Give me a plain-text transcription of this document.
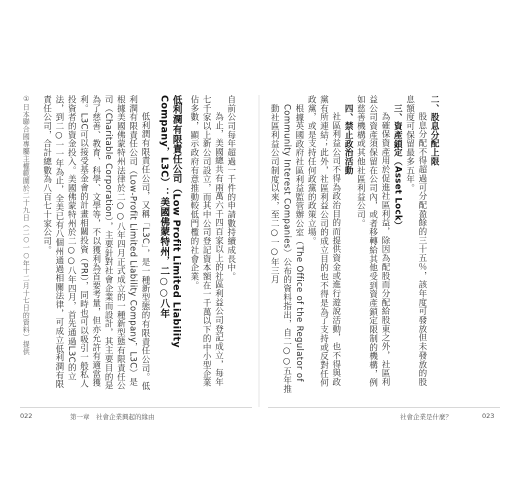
自前公司每年超過一千件的申請數持續成長中。

為止，美國總共有兩萬六千四百家以上的社區利益公司登記成立，每年七千家以上新公司設立，而其中公司登記資本額在一千萬以下的中小型企業佔多數，顯示政府有意推動較低門檻的社會企業。

低利潤有限責任公司（Low Profit Limited Liability Company，L3C）：美國佛蒙特州，二○○八年

低利潤有限責任公司，又稱「L3C」，是一種新型態的有限責任公司。低利潤有限責任公司（Low-Profit Limited Liability Company，L3C）是根據美國佛蒙特州法律於二○○八年四月正式成立的一種新型態有限責任公司（Charitable Corporation），主要針對社會企業而設計，其主要目的是為了慈善、教育、科學、文學等，不以獲利為首要考量，但亦允許有適當獲利。L3C可以接受基金會的計畫相關投資（PRI），同時也可以吸引一般私人投資者的資金投入。美國佛蒙特州於二○○八年四月，首先通過L3C的立法，到二○一一年為止，全美已有八個州通過相關法律，可成立低利潤有限責任公司，合計總數為八百七十家公司。

①日本聯合國專屬主權範圍於二十九日（二○一○年十二月十七日的資料）提供	二、股息分配上限

股息分配不得超過可分配盈餘的三十五％，該年度可發放但未發放的股息額度可保留最多五年。

三、資產鎖定（Asset Lock）

為確保資產用於促進社區利益，除因為配股而分配給股東之外，社區利益公司資產須保留在公司內，或者移轉給其他受到資產鎖定限制的機構，例如慈善機構或其他社區利益公司。

四、禁止政治活動

社區利益公司不得為政治目的而提供資金或進行遊說活動，也不得與政黨有所連結；此外，社區利益公司的成立目的也不得是為了支持或反對任何政黨，或是支持任何政黨的政策立場。

根據英國政府社區利益監管辦公室（The Office of the Regulator of Community Interest Companies）公布的資料指出，自二○○五年推動社區利益公司制度以來，至二○一○年三月

022	第一章　社會企業興起的緣由	社會企業是什麼？	023
